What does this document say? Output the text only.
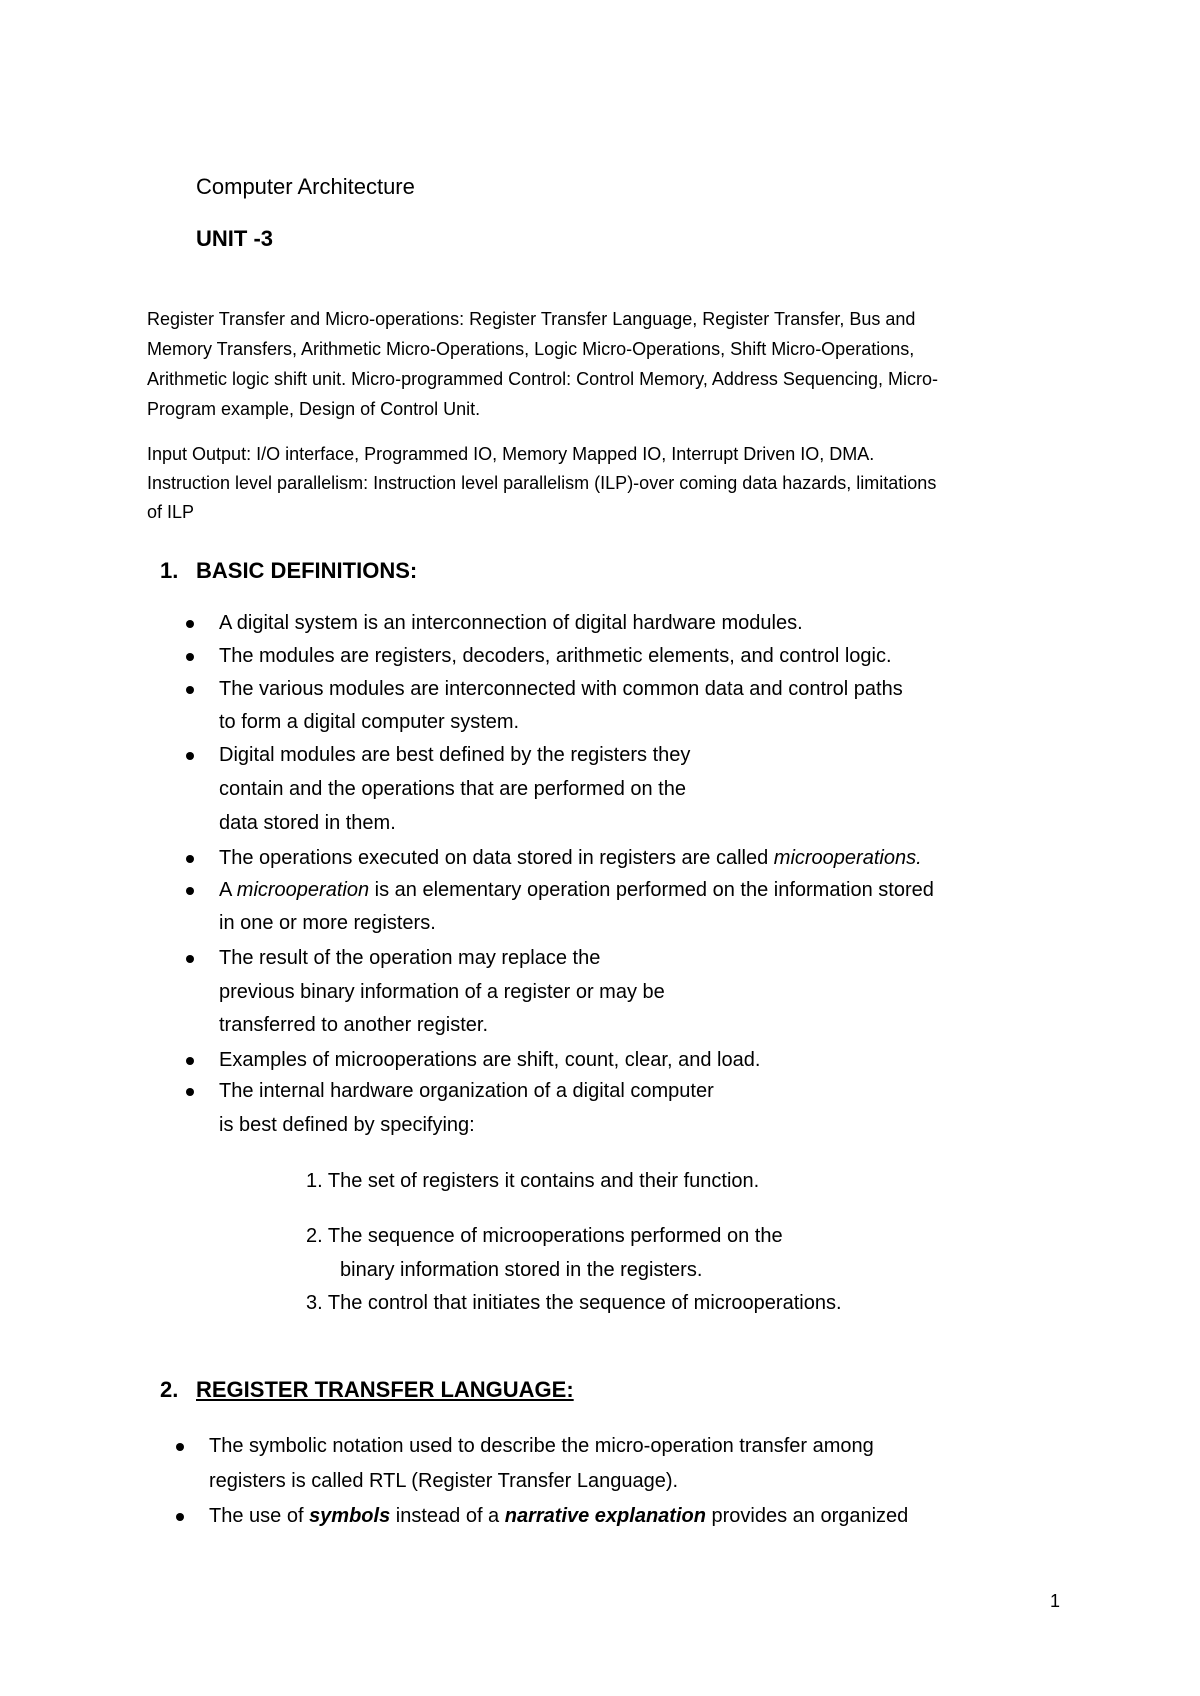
Computer Architecture
UNIT -3
Register Transfer and Micro-operations: Register Transfer Language, Register Transfer, Bus and
Memory Transfers, Arithmetic Micro-Operations, Logic Micro-Operations, Shift Micro-Operations,
Arithmetic logic shift unit. Micro-programmed Control: Control Memory, Address Sequencing, Micro-
Program example, Design of Control Unit.
Input Output: I/O interface, Programmed IO, Memory Mapped IO, Interrupt Driven IO, DMA.
Instruction level parallelism: Instruction level parallelism (ILP)-over coming data hazards, limitations
of ILP
1. BASIC DEFINITIONS:
A digital system is an interconnection of digital hardware modules.
The modules are registers, decoders, arithmetic elements, and control logic.
The various modules are interconnected with common data and control paths
to form a digital computer system.
Digital modules are best defined by the registers they
contain and the operations that are performed on the
data stored in them.
The operations executed on data stored in registers are called microoperations.
A microoperation is an elementary operation performed on the information stored
in one or more registers.
The result of the operation may replace the
previous binary information of a register or may be
transferred to another register.
Examples of microoperations are shift, count, clear, and load.
The internal hardware organization of a digital computer
is best defined by specifying:
1. The set of registers it contains and their function.
2. The sequence of microoperations performed on the
binary information stored in the registers.
3. The control that initiates the sequence of microoperations.
2. REGISTER TRANSFER LANGUAGE:
The symbolic notation used to describe the micro-operation transfer among
registers is called RTL (Register Transfer Language).
The use of symbols instead of a narrative explanation provides an organized
1
